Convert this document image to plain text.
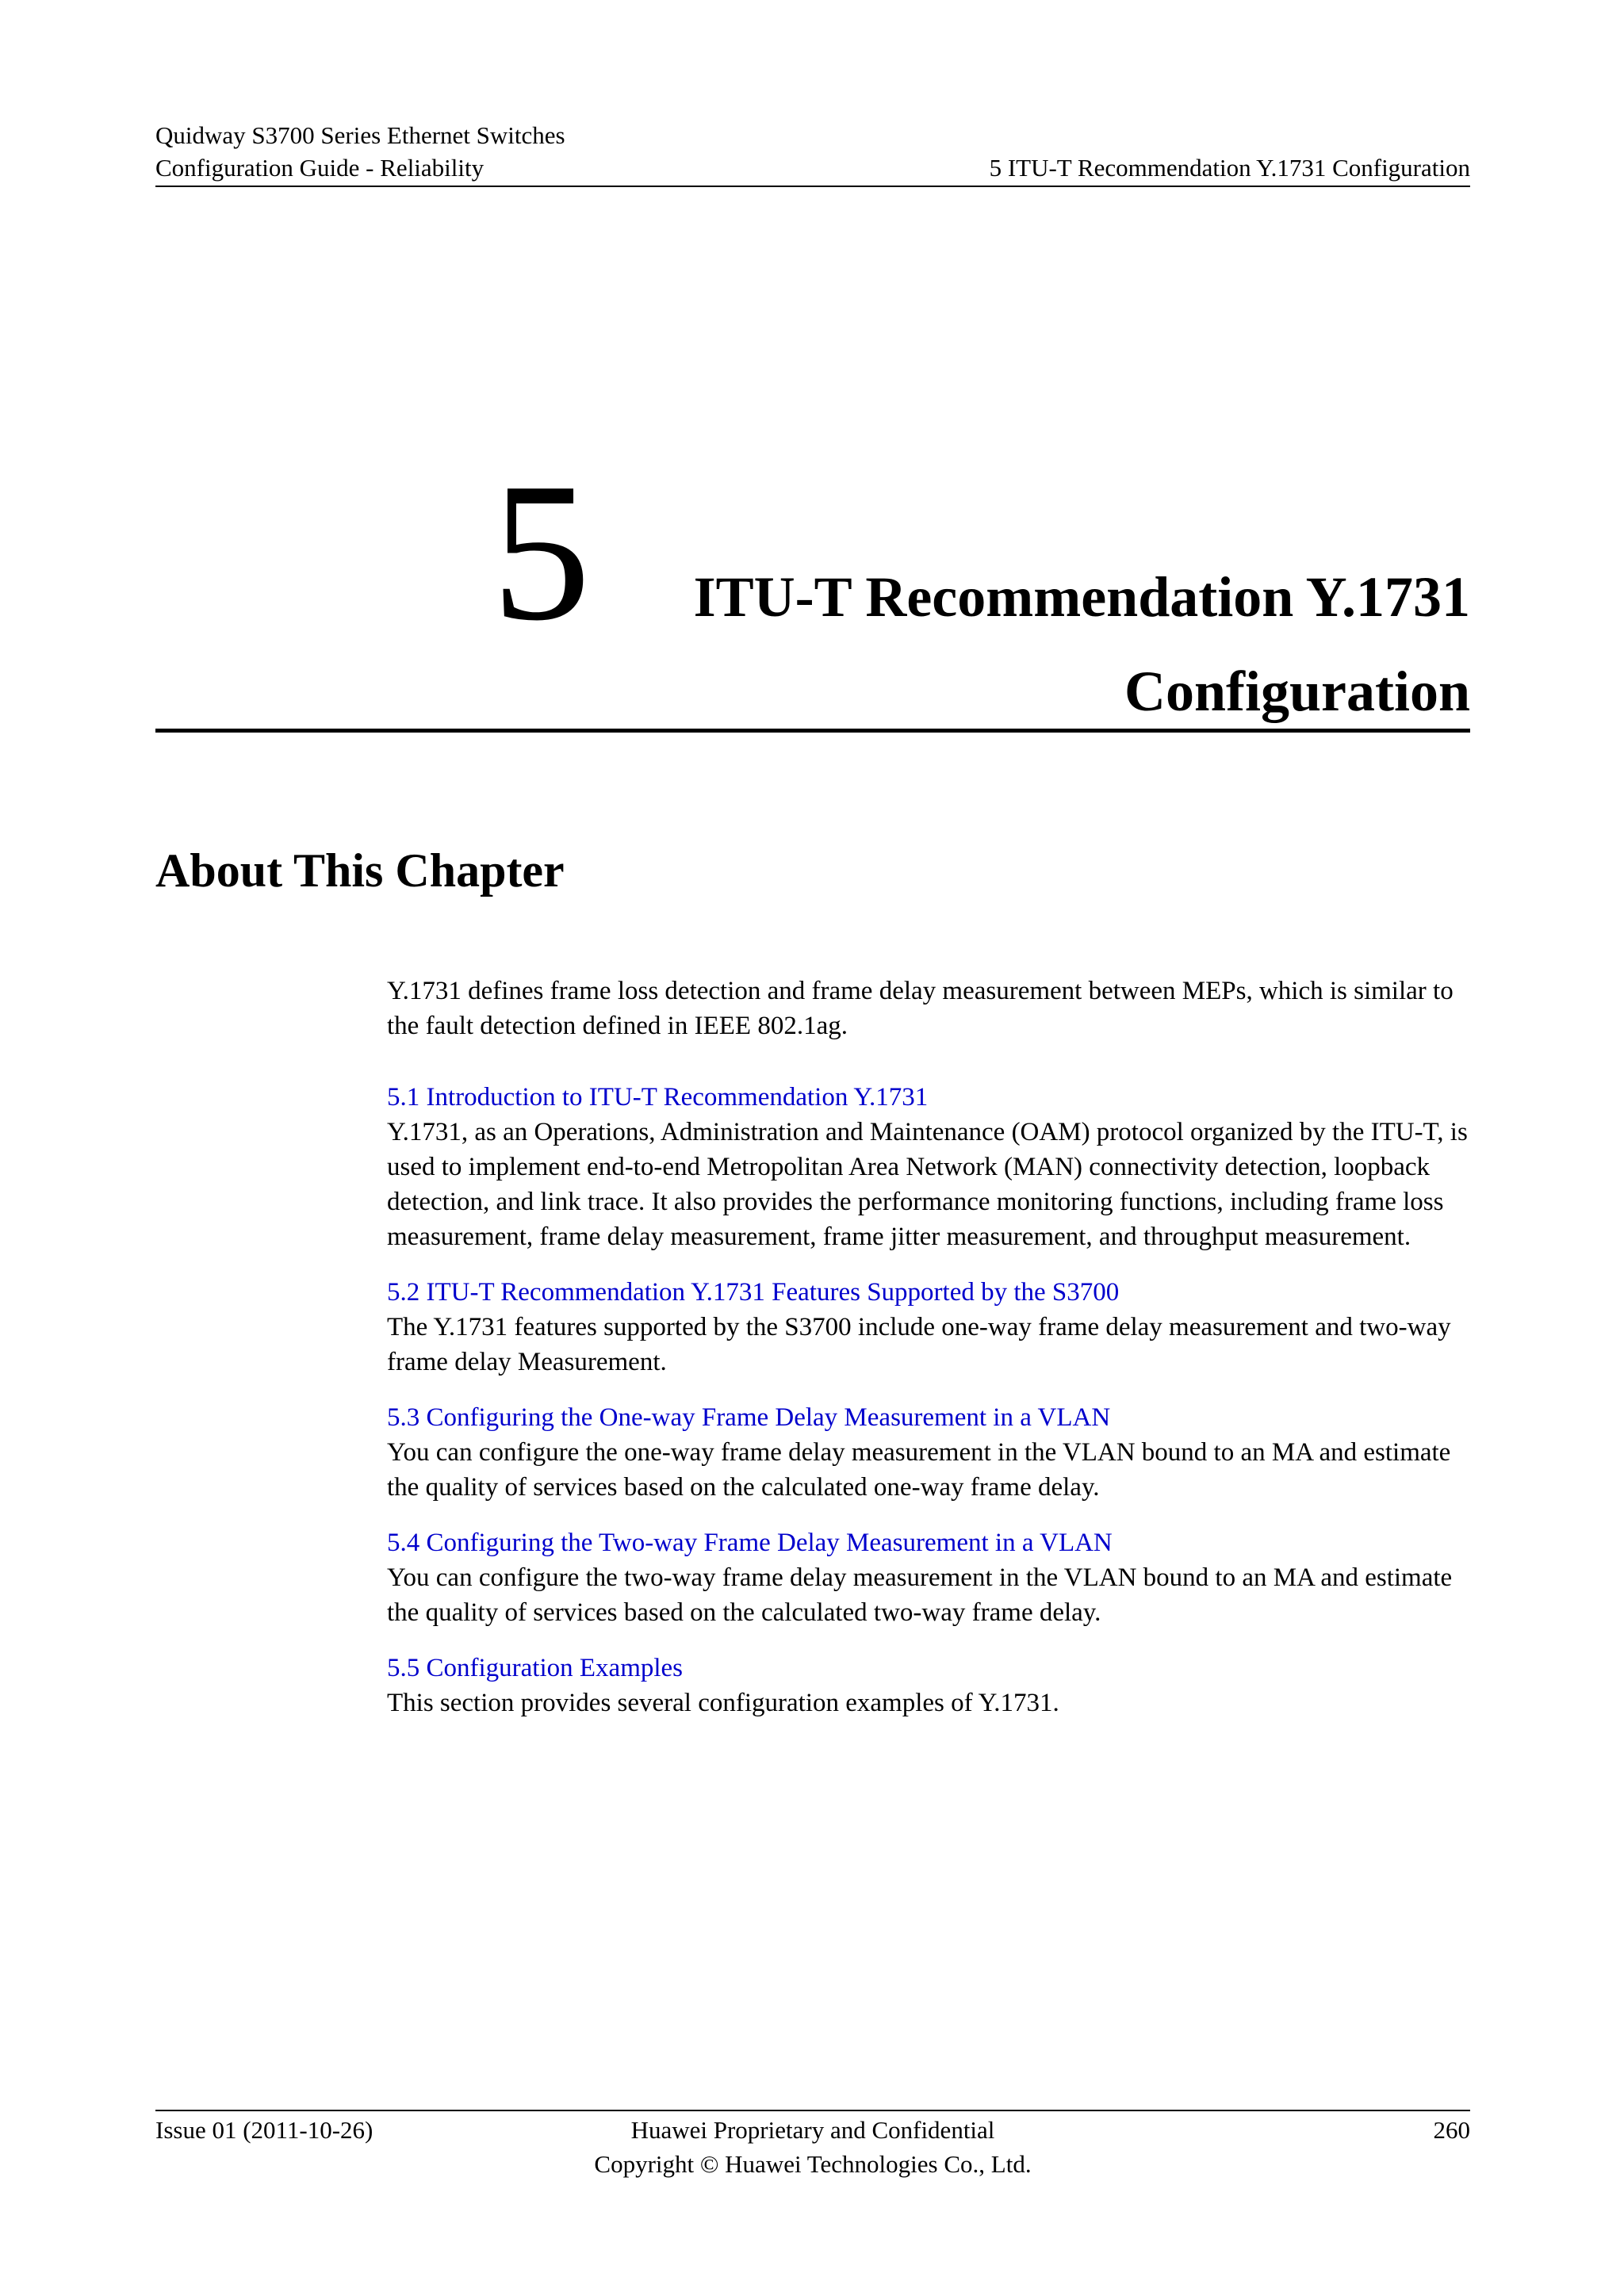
Quidway S3700 Series Ethernet Switches
Configuration Guide - Reliability	5 ITU-T Recommendation Y.1731 Configuration
5 ITU-T Recommendation Y.1731
Configuration
About This Chapter

Y.1731 defines frame loss detection and frame delay measurement between MEPs, which is similar to the fault detection defined in IEEE 802.1ag.

5.1 Introduction to ITU-T Recommendation Y.1731

Y.1731, as an Operations, Administration and Maintenance (OAM) protocol organized by the ITU-T, is used to implement end-to-end Metropolitan Area Network (MAN) connectivity detection, loopback detection, and link trace. It also provides the performance monitoring functions, including frame loss measurement, frame delay measurement, frame jitter measurement, and throughput measurement.

5.2 ITU-T Recommendation Y.1731 Features Supported by the S3700

The Y.1731 features supported by the S3700 include one-way frame delay measurement and two-way frame delay Measurement.

5.3 Configuring the One-way Frame Delay Measurement in a VLAN

You can configure the one-way frame delay measurement in the VLAN bound to an MA and estimate the quality of services based on the calculated one-way frame delay.

5.4 Configuring the Two-way Frame Delay Measurement in a VLAN

You can configure the two-way frame delay measurement in the VLAN bound to an MA and estimate the quality of services based on the calculated two-way frame delay.

5.5 Configuration Examples

This section provides several configuration examples of Y.1731.

Issue 01 (2011-10-26)	Huawei Proprietary and Confidential
Copyright © Huawei Technologies Co., Ltd.
260
